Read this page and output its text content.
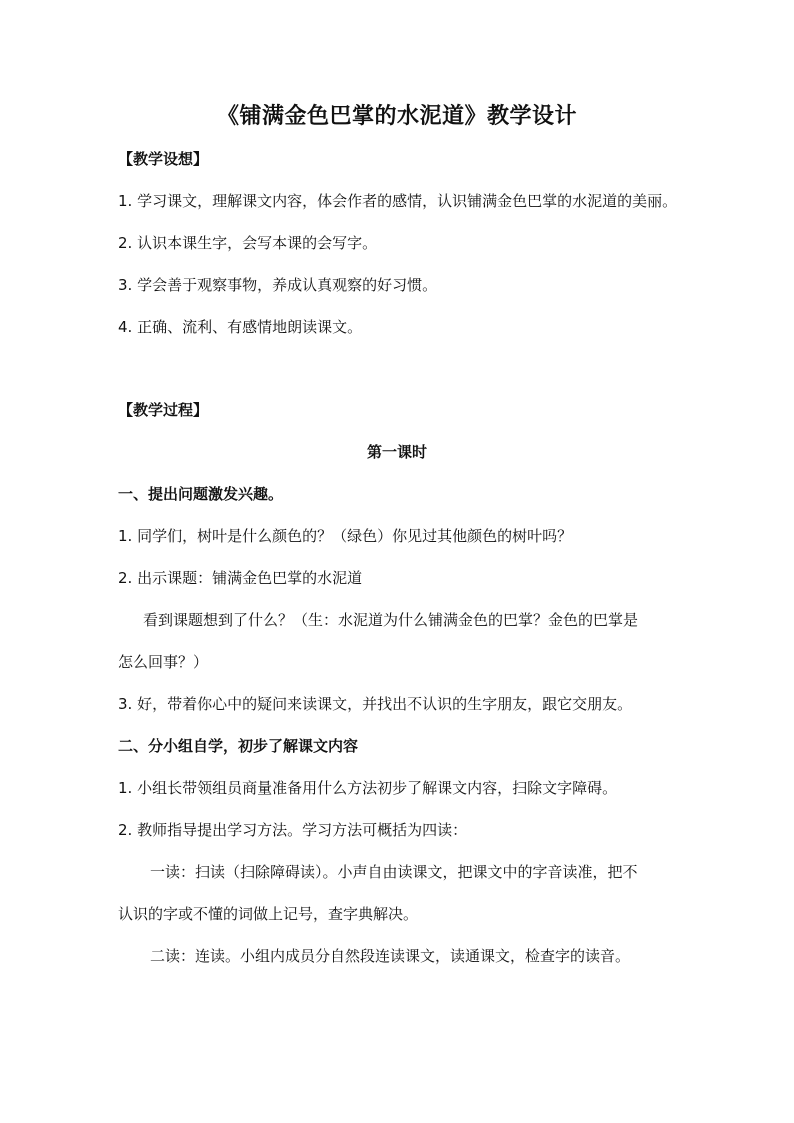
《铺满金色巴掌的水泥道》教学设计
【教学设想】
1. 学习课文，理解课文内容，体会作者的感情，认识铺满金色巴掌的水泥道的美丽。
2. 认识本课生字，会写本课的会写字。
3. 学会善于观察事物，养成认真观察的好习惯。
4. 正确、流利、有感情地朗读课文。
【教学过程】
第一课时
一、提出问题激发兴趣。
1. 同学们，树叶是什么颜色的？（绿色）你见过其他颜色的树叶吗？
2. 出示课题：铺满金色巴掌的水泥道
看到课题想到了什么？（生：水泥道为什么铺满金色的巴掌？金色的巴掌是
怎么回事？）
3. 好，带着你心中的疑问来读课文，并找出不认识的生字朋友，跟它交朋友。
二、分小组自学，初步了解课文内容
1. 小组长带领组员商量准备用什么方法初步了解课文内容，扫除文字障碍。
2. 教师指导提出学习方法。学习方法可概括为四读：
一读：扫读（扫除障碍读）。小声自由读课文，把课文中的字音读准，把不
认识的字或不懂的词做上记号，查字典解决。
二读：连读。小组内成员分自然段连读课文，读通课文，检查字的读音。
